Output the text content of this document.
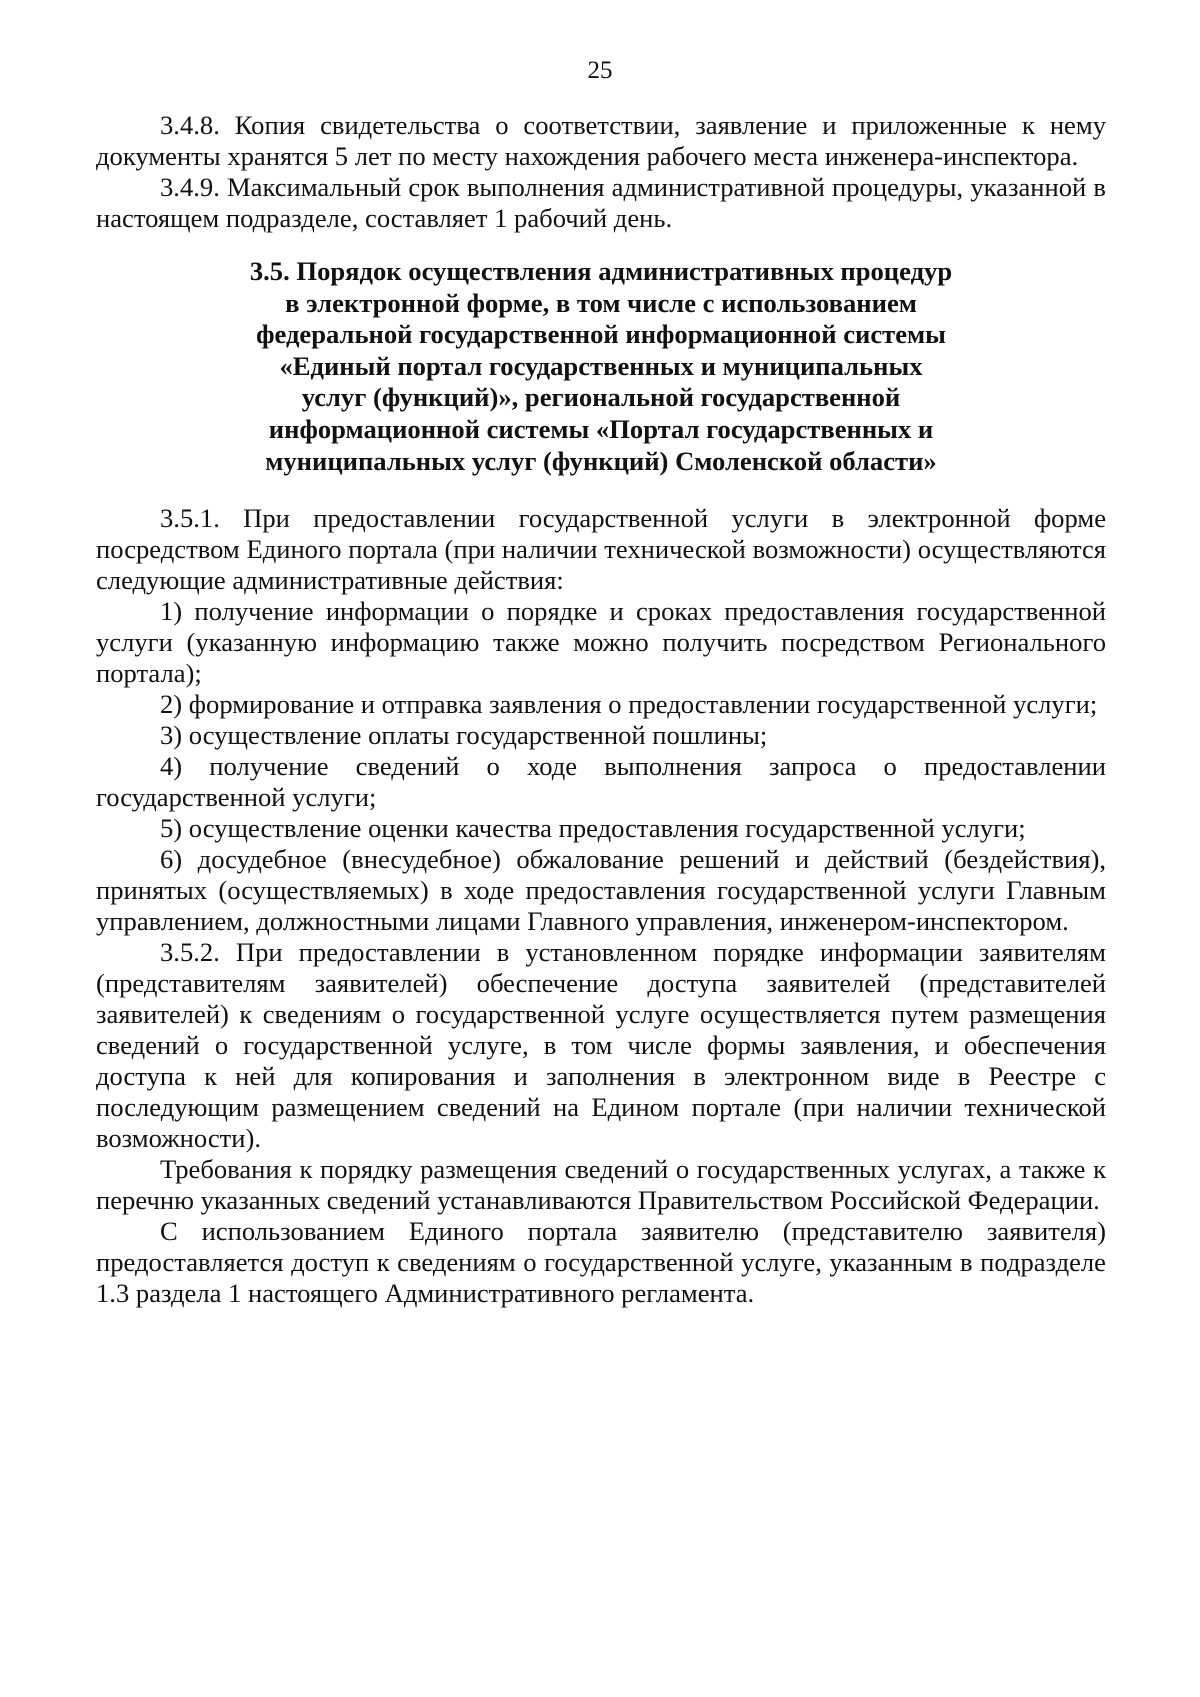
25

3.4.8. Копия свидетельства о соответствии, заявление и приложенные к нему документы хранятся 5 лет по месту нахождения рабочего места инженера-инспектора.

3.4.9. Максимальный срок выполнения административной процедуры, указанной в настоящем подразделе, составляет 1 рабочий день.

3.5. Порядок осуществления административных процедур в электронной форме, в том числе с использованием федеральной государственной информационной системы «Единый портал государственных и муниципальных услуг (функций)», региональной государственной информационной системы «Портал государственных и муниципальных услуг (функций) Смоленской области»

3.5.1. При предоставлении государственной услуги в электронной форме посредством Единого портала (при наличии технической возможности) осуществляются следующие административные действия:

1) получение информации о порядке и сроках предоставления государственной услуги (указанную информацию также можно получить посредством Регионального портала);

2) формирование и отправка заявления о предоставлении государственной услуги;

3) осуществление оплаты государственной пошлины;

4) получение сведений о ходе выполнения запроса о предоставлении государственной услуги;

5) осуществление оценки качества предоставления государственной услуги;

6) досудебное (внесудебное) обжалование решений и действий (бездействия), принятых (осуществляемых) в ходе предоставления государственной услуги Главным управлением, должностными лицами Главного управления, инженером-инспектором.

3.5.2. При предоставлении в установленном порядке информации заявителям (представителям заявителей) обеспечение доступа заявителей (представителей заявителей) к сведениям о государственной услуге осуществляется путем размещения сведений о государственной услуге, в том числе формы заявления, и обеспечения доступа к ней для копирования и заполнения в электронном виде в Реестре с последующим размещением сведений на Едином портале (при наличии технической возможности).

Требования к порядку размещения сведений о государственных услугах, а также к перечню указанных сведений устанавливаются Правительством Российской Федерации.

С использованием Единого портала заявителю (представителю заявителя) предоставляется доступ к сведениям о государственной услуге, указанным в подразделе 1.3 раздела 1 настоящего Административного регламента.
